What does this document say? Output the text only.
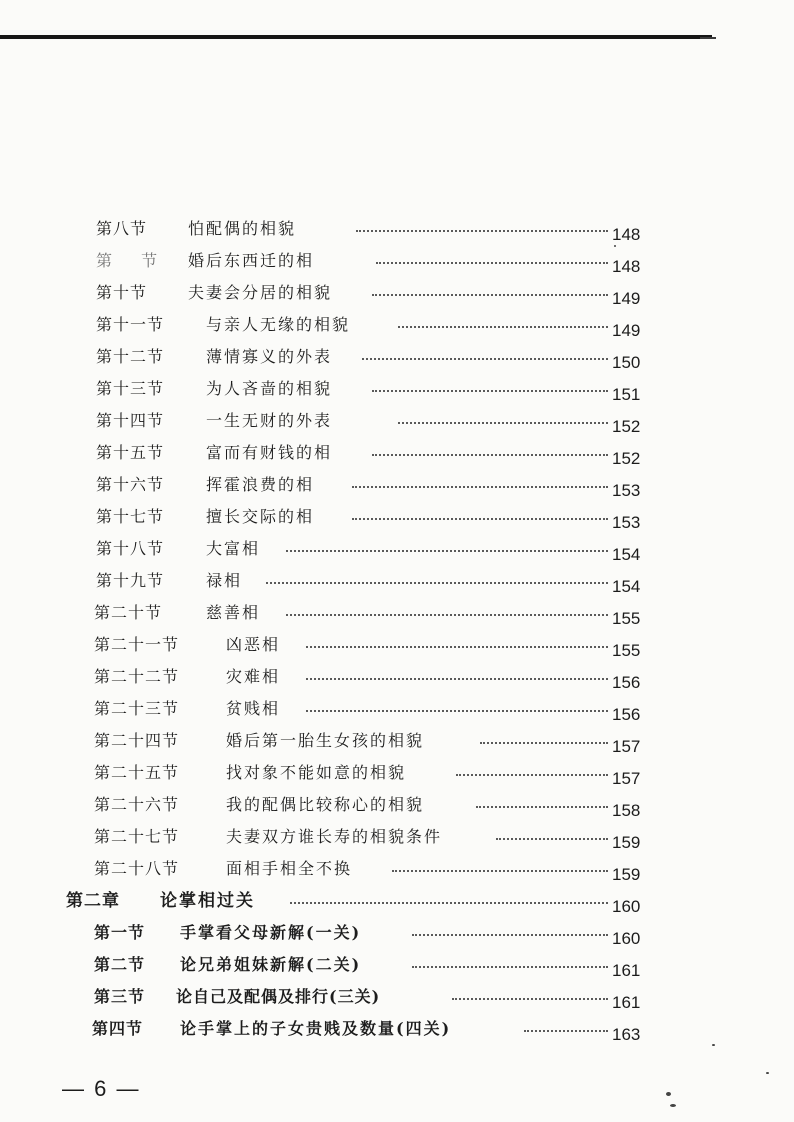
第八节	怕配偶的相貌	148
第 节 婚后东西迁的相	148
第十节	夫妻会分居的相貌	149
第十一节	与亲人无缘的相貌	149
第十二节	薄情寡义的外表	150
第十三节	为人吝啬的相貌	151
第十四节	一生无财的外表	152
第十五节	富而有财钱的相	152
第十六节	挥霍浪费的相	153
第十七节	擅长交际的相	153
第十八节	大富相	154
第十九节	禄相	154
第二十节	慈善相	155
第二十一节	凶恶相	155
第二十二节	灾难相	156
第二十三节	贫贱相	156
第二十四节	婚后第一胎生女孩的相貌	157
第二十五节	找对象不能如意的相貌	157
第二十六节	我的配偶比较称心的相貌	158
第二十七节	夫妻双方谁长寿的相貌条件	159
第二十八节	面相手相全不换	159
第二章 论掌相过关	160
第一节 手掌看父母新解(一关)	160
第二节 论兄弟姐妹新解(二关)	161
第三节 论自己及配偶及排行(三关)	161
第四节 论手掌上的子女贵贱及数量(四关)	163
— 6 —
